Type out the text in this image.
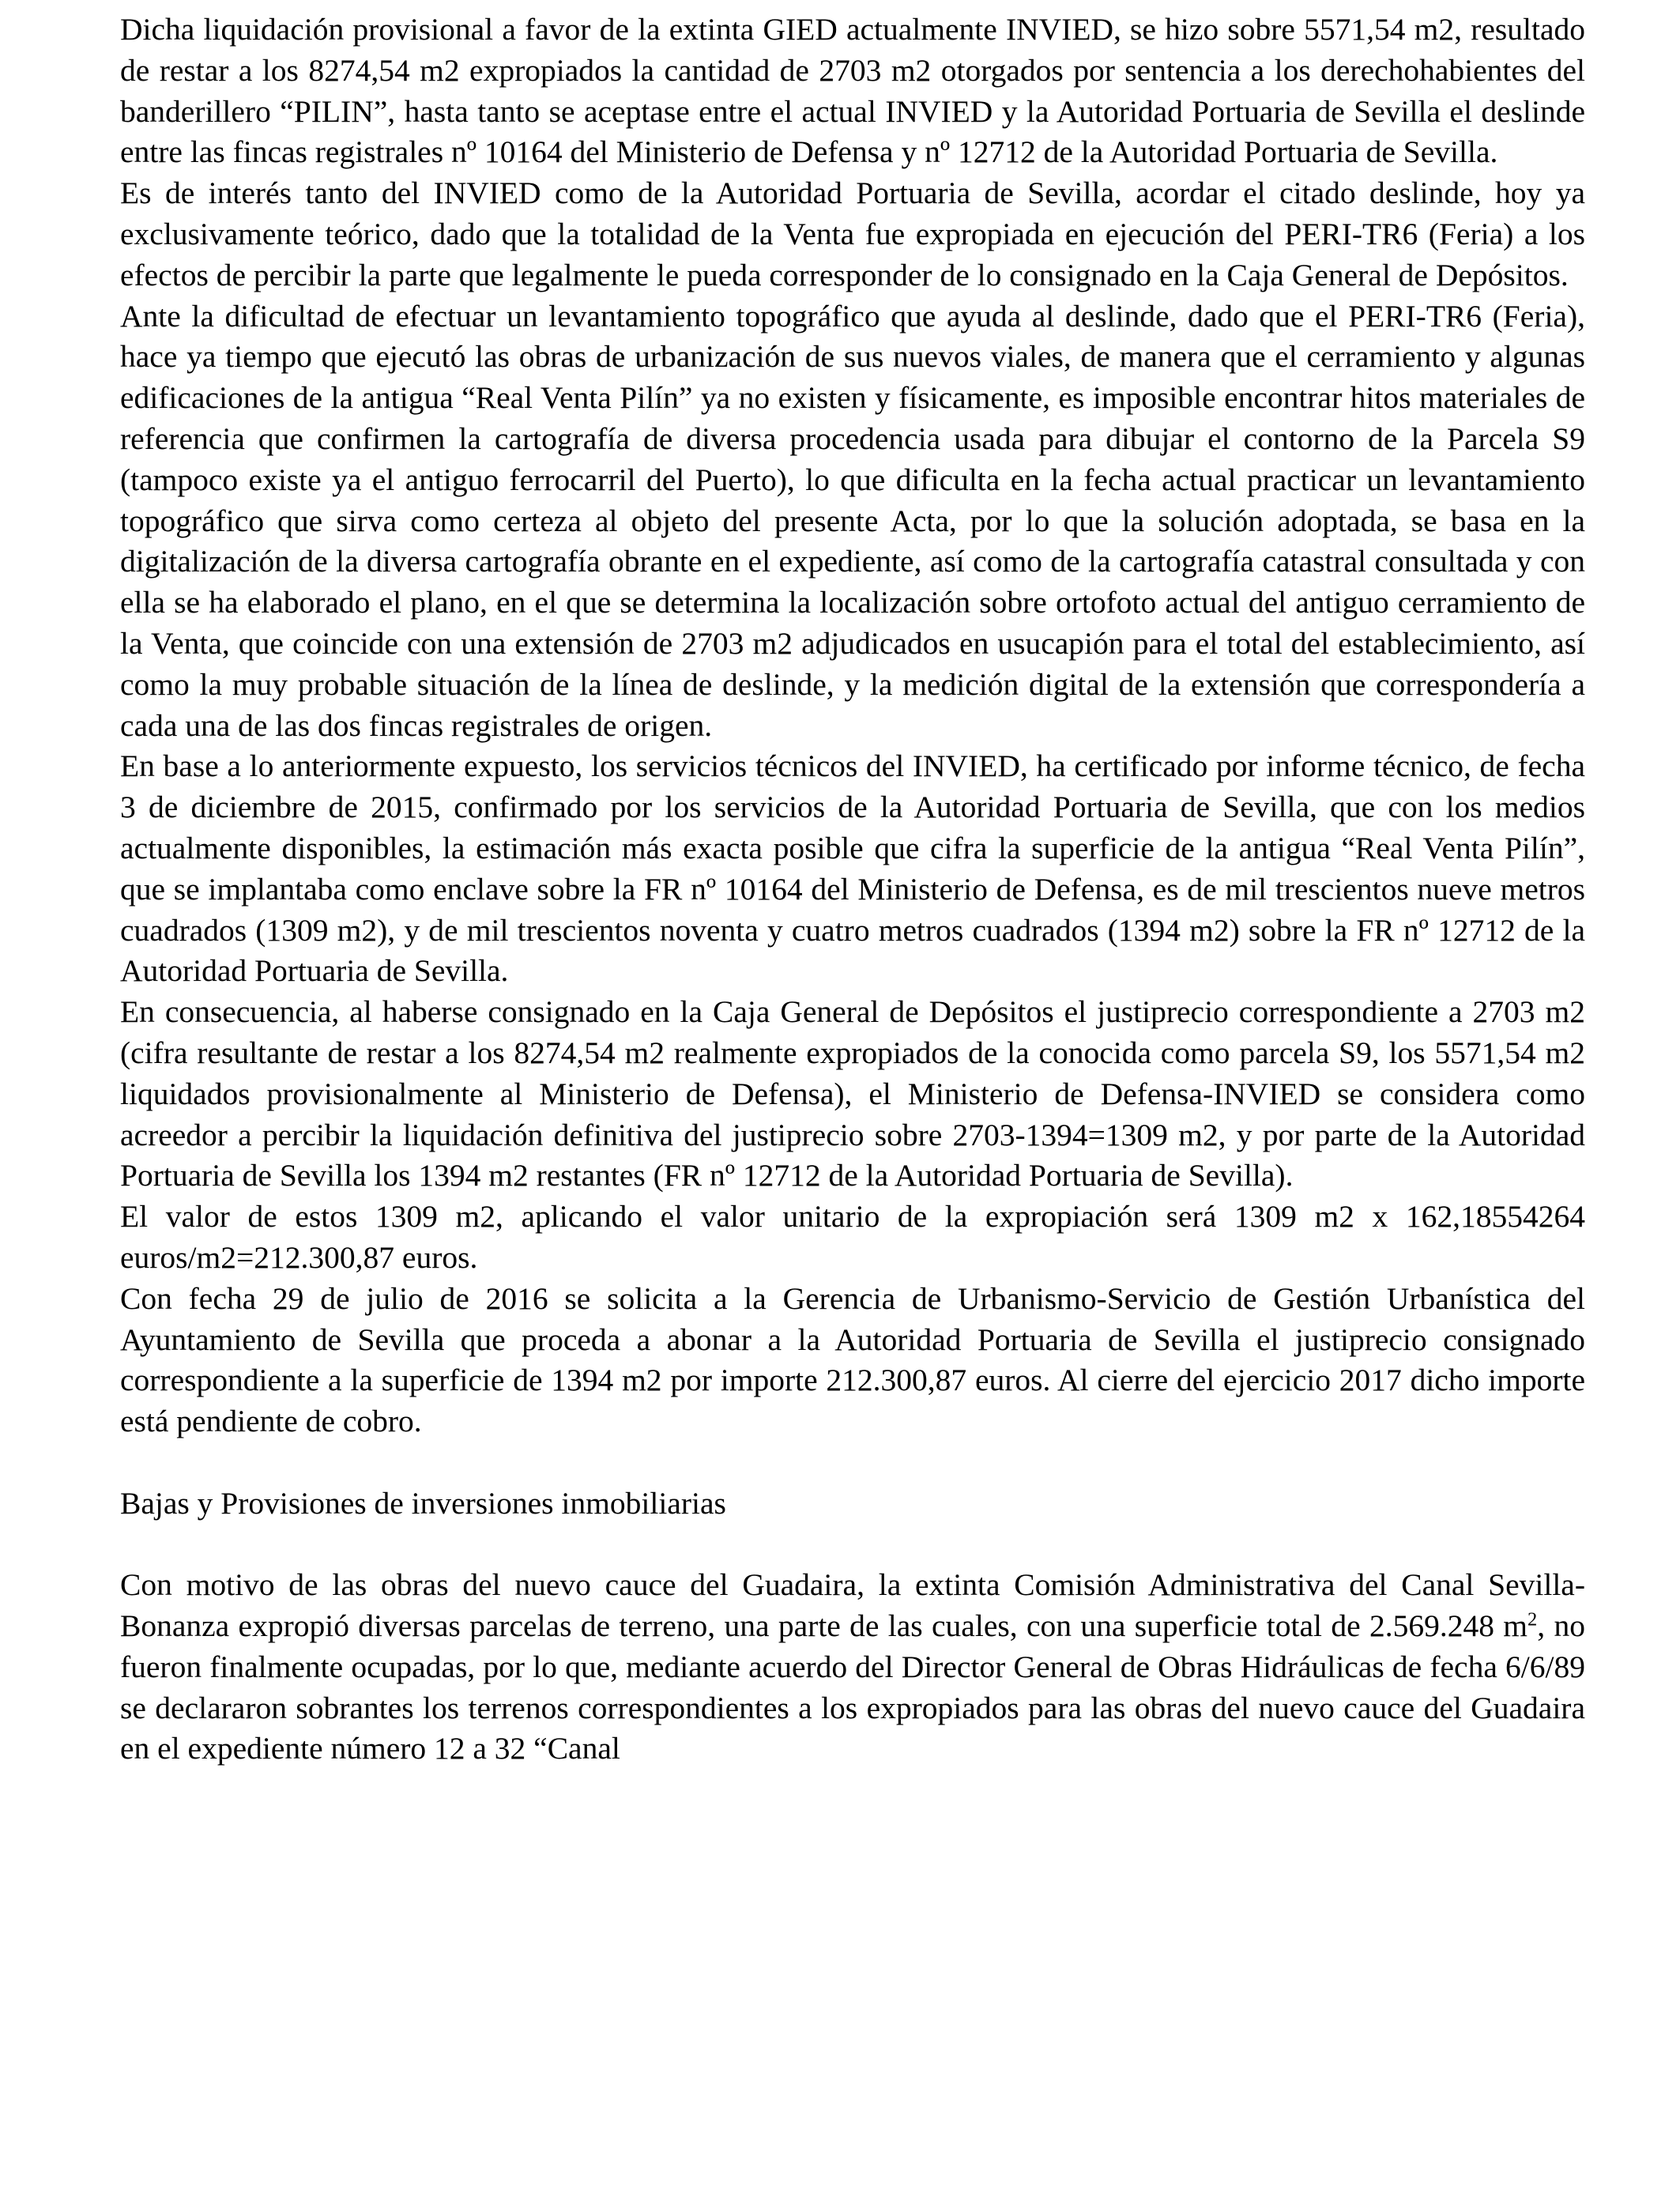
Dicha liquidación provisional a favor de la extinta GIED actualmente INVIED, se hizo sobre 5571,54 m2, resultado de restar a los 8274,54 m2 expropiados la cantidad de 2703 m2 otorgados por sentencia a los derechohabientes del banderillero “PILIN”, hasta tanto se aceptase entre el actual INVIED y la Autoridad Portuaria de Sevilla el deslinde entre las fincas registrales nº 10164 del Ministerio de Defensa y nº 12712 de la Autoridad Portuaria de Sevilla.

Es de interés tanto del INVIED como de la Autoridad Portuaria de Sevilla, acordar el citado deslinde, hoy ya exclusivamente teórico, dado que la totalidad de la Venta fue expropiada en ejecución del PERI-TR6 (Feria) a los efectos de percibir la parte que legalmente le pueda corresponder de lo consignado en la Caja General de Depósitos.

Ante la dificultad de efectuar un levantamiento topográfico que ayuda al deslinde, dado que el PERI-TR6 (Feria), hace ya tiempo que ejecutó las obras de urbanización de sus nuevos viales, de manera que el cerramiento y algunas edificaciones de la antigua “Real Venta Pilín” ya no existen y físicamente, es imposible encontrar hitos materiales de referencia que confirmen la cartografía de diversa procedencia usada para dibujar el contorno de la Parcela S9 (tampoco existe ya el antiguo ferrocarril del Puerto), lo que dificulta en la fecha actual practicar un levantamiento topográfico que sirva como certeza al objeto del presente Acta, por lo que la solución adoptada, se basa en la digitalización de la diversa cartografía obrante en el expediente, así como de la cartografía catastral consultada y con ella se ha elaborado el plano, en el que se determina la localización sobre ortofoto actual del antiguo cerramiento de la Venta, que coincide con una extensión de 2703 m2 adjudicados en usucapión para el total del establecimiento, así como la muy probable situación de la línea de deslinde, y la medición digital de la extensión que correspondería a cada una de las dos fincas registrales de origen.

En base a lo anteriormente expuesto, los servicios técnicos del INVIED, ha certificado por informe técnico, de fecha 3 de diciembre de 2015, confirmado por los servicios de la Autoridad Portuaria de Sevilla, que con los medios actualmente disponibles, la estimación más exacta posible que cifra la superficie de la antigua “Real Venta Pilín”, que se implantaba como enclave sobre la FR nº 10164 del Ministerio de Defensa, es de mil trescientos nueve metros cuadrados (1309 m2), y de mil trescientos noventa y cuatro metros cuadrados (1394 m2) sobre la FR nº 12712 de la Autoridad Portuaria de Sevilla.

En consecuencia, al haberse consignado en la Caja General de Depósitos el justiprecio correspondiente a 2703 m2 (cifra resultante de restar a los 8274,54 m2 realmente expropiados de la conocida como parcela S9, los 5571,54 m2 liquidados provisionalmente al Ministerio de Defensa), el Ministerio de Defensa-INVIED se considera como acreedor a percibir la liquidación definitiva del justiprecio sobre 2703-1394=1309 m2, y por parte de la Autoridad Portuaria de Sevilla los 1394 m2 restantes (FR nº 12712 de la Autoridad Portuaria de Sevilla).

El valor de estos 1309 m2, aplicando el valor unitario de la expropiación será 1309 m2 x 162,18554264 euros/m2=212.300,87 euros.

Con fecha 29 de julio de 2016 se solicita a la Gerencia de Urbanismo-Servicio de Gestión Urbanística del Ayuntamiento de Sevilla que proceda a abonar a la Autoridad Portuaria de Sevilla el justiprecio consignado correspondiente a la superficie de 1394 m2 por importe 212.300,87 euros. Al cierre del ejercicio 2017 dicho importe está pendiente de cobro.

Bajas y Provisiones de inversiones inmobiliarias

Con motivo de las obras del nuevo cauce del Guadaira, la extinta Comisión Administrativa del Canal Sevilla-Bonanza expropió diversas parcelas de terreno, una parte de las cuales, con una superficie total de 2.569.248 $m^2$, no fueron finalmente ocupadas, por lo que, mediante acuerdo del Director General de Obras Hidráulicas de fecha 6/6/89 se declararon sobrantes los terrenos correspondientes a los expropiados para las obras del nuevo cauce del Guadaira en el expediente número 12 a 32 “Canal
